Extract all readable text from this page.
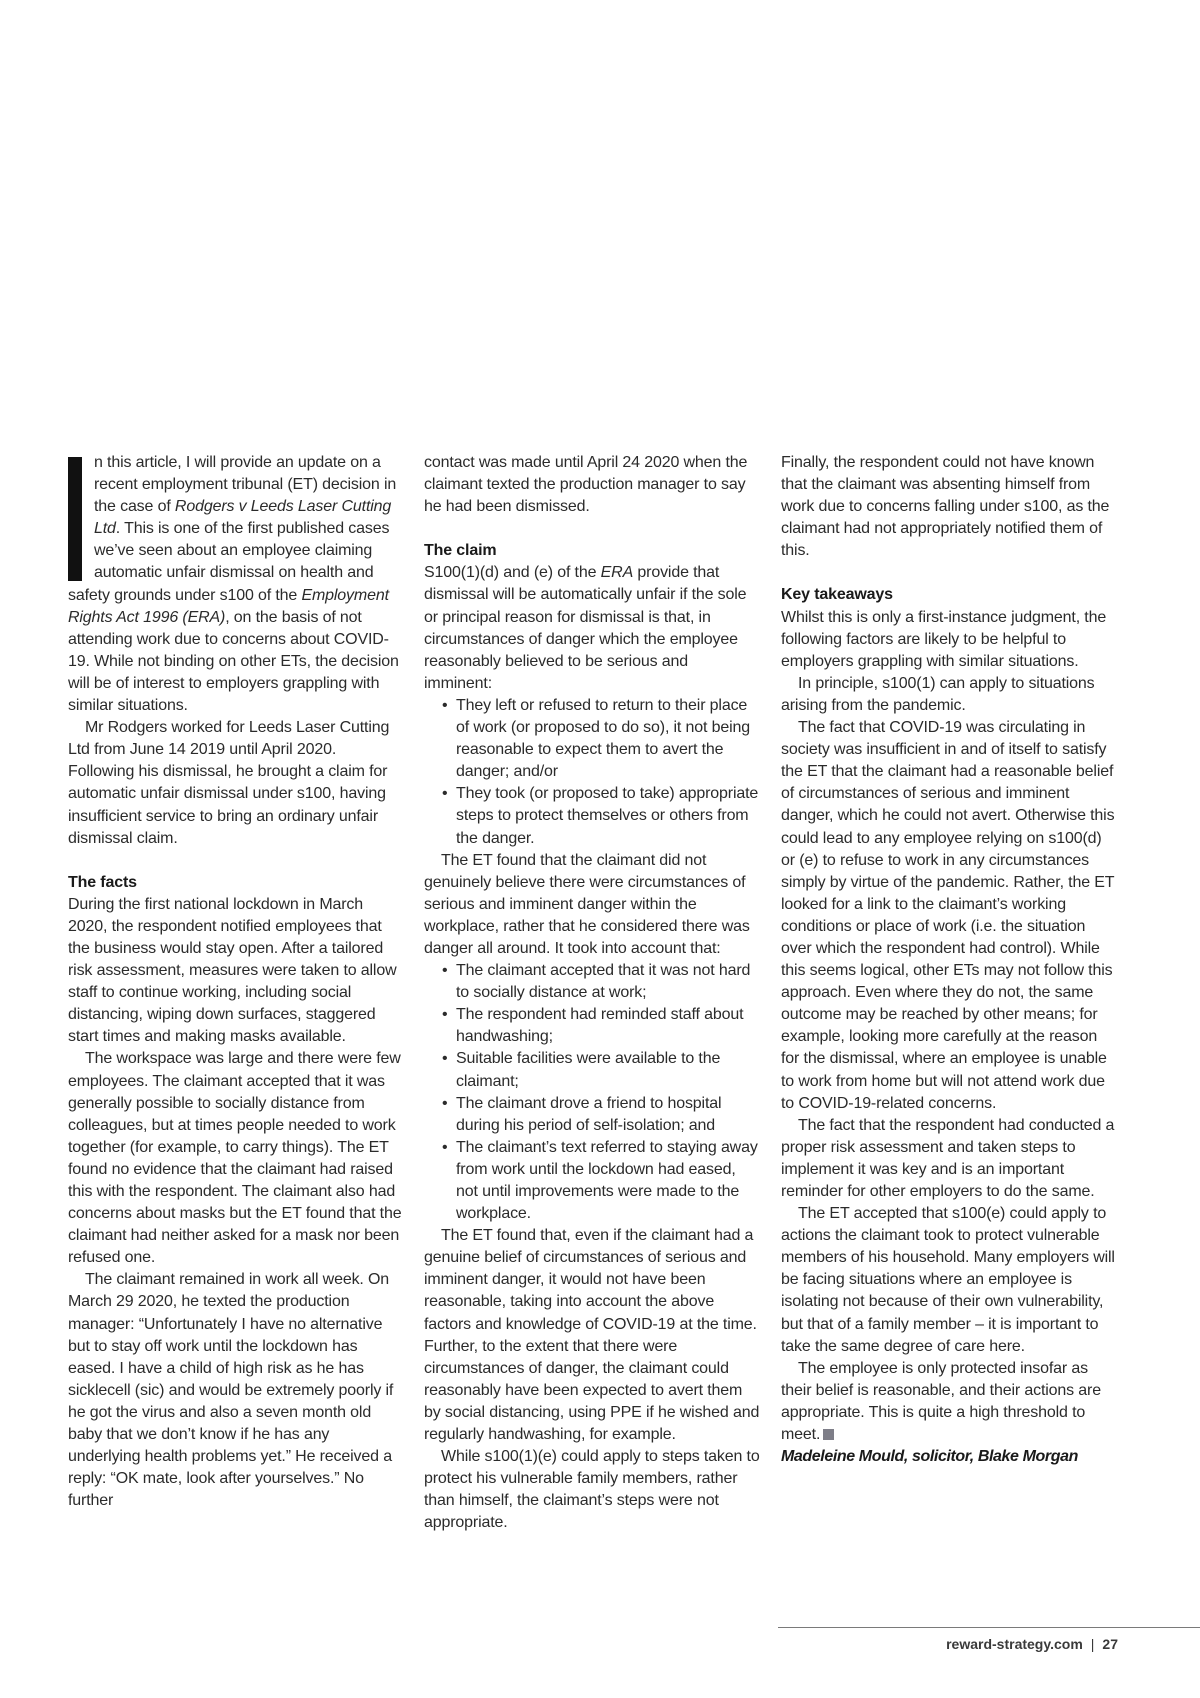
n this article, I will provide an update on a recent employment tribunal (ET) decision in the case of Rodgers v Leeds Laser Cutting Ltd. This is one of the first published cases we’ve seen about an employee claiming automatic unfair dismissal on health and safety grounds under s100 of the Employment Rights Act 1996 (ERA), on the basis of not attending work due to concerns about COVID-19. While not binding on other ETs, the decision will be of interest to employers grappling with similar situations.

Mr Rodgers worked for Leeds Laser Cutting Ltd from June 14 2019 until April 2020. Following his dismissal, he brought a claim for automatic unfair dismissal under s100, having insufficient service to bring an ordinary unfair dismissal claim.

The facts

During the first national lockdown in March 2020, the respondent notified employees that the business would stay open. After a tailored risk assessment, measures were taken to allow staff to continue working, including social distancing, wiping down surfaces, staggered start times and making masks available.

The workspace was large and there were few employees. The claimant accepted that it was generally possible to socially distance from colleagues, but at times people needed to work together (for example, to carry things). The ET found no evidence that the claimant had raised this with the respondent. The claimant also had concerns about masks but the ET found that the claimant had neither asked for a mask nor been refused one.

The claimant remained in work all week. On March 29 2020, he texted the production manager: “Unfortunately I have no alternative but to stay off work until the lockdown has eased. I have a child of high risk as he has sicklecell (sic) and would be extremely poorly if he got the virus and also a seven month old baby that we don’t know if he has any underlying health problems yet.” He received a reply: “OK mate, look after yourselves.” No further

contact was made until April 24 2020 when the claimant texted the production manager to say he had been dismissed.

The claim

S100(1)(d) and (e) of the ERA provide that dismissal will be automatically unfair if the sole or principal reason for dismissal is that, in circumstances of danger which the employee reasonably believed to be serious and imminent:

• They left or refused to return to their place of work (or proposed to do so), it not being reasonable to expect them to avert the danger; and/or
• They took (or proposed to take) appropriate steps to protect themselves or others from the danger.

The ET found that the claimant did not genuinely believe there were circumstances of serious and imminent danger within the workplace, rather that he considered there was danger all around. It took into account that:

• The claimant accepted that it was not hard to socially distance at work;
• The respondent had reminded staff about handwashing;
• Suitable facilities were available to the claimant;
• The claimant drove a friend to hospital during his period of self-isolation; and
• The claimant’s text referred to staying away from work until the lockdown had eased, not until improvements were made to the workplace.

The ET found that, even if the claimant had a genuine belief of circumstances of serious and imminent danger, it would not have been reasonable, taking into account the above factors and knowledge of COVID-19 at the time. Further, to the extent that there were circumstances of danger, the claimant could reasonably have been expected to avert them by social distancing, using PPE if he wished and regularly handwashing, for example.

While s100(1)(e) could apply to steps taken to protect his vulnerable family members, rather than himself, the claimant’s steps were not appropriate.

Finally, the respondent could not have known that the claimant was absenting himself from work due to concerns falling under s100, as the claimant had not appropriately notified them of this.

Key takeaways

Whilst this is only a first-instance judgment, the following factors are likely to be helpful to employers grappling with similar situations.

In principle, s100(1) can apply to situations arising from the pandemic.

The fact that COVID-19 was circulating in society was insufficient in and of itself to satisfy the ET that the claimant had a reasonable belief of circumstances of serious and imminent danger, which he could not avert. Otherwise this could lead to any employee relying on s100(d) or (e) to refuse to work in any circumstances simply by virtue of the pandemic. Rather, the ET looked for a link to the claimant’s working conditions or place of work (i.e. the situation over which the respondent had control). While this seems logical, other ETs may not follow this approach. Even where they do not, the same outcome may be reached by other means; for example, looking more carefully at the reason for the dismissal, where an employee is unable to work from home but will not attend work due to COVID-19-related concerns.

The fact that the respondent had conducted a proper risk assessment and taken steps to implement it was key and is an important reminder for other employers to do the same.

The ET accepted that s100(e) could apply to actions the claimant took to protect vulnerable members of his household. Many employers will be facing situations where an employee is isolating not because of their own vulnerability, but that of a family member – it is important to take the same degree of care here.

The employee is only protected insofar as their belief is reasonable, and their actions are appropriate. This is quite a high threshold to meet.

Madeleine Mould, solicitor, Blake Morgan

reward-strategy.com | 27
